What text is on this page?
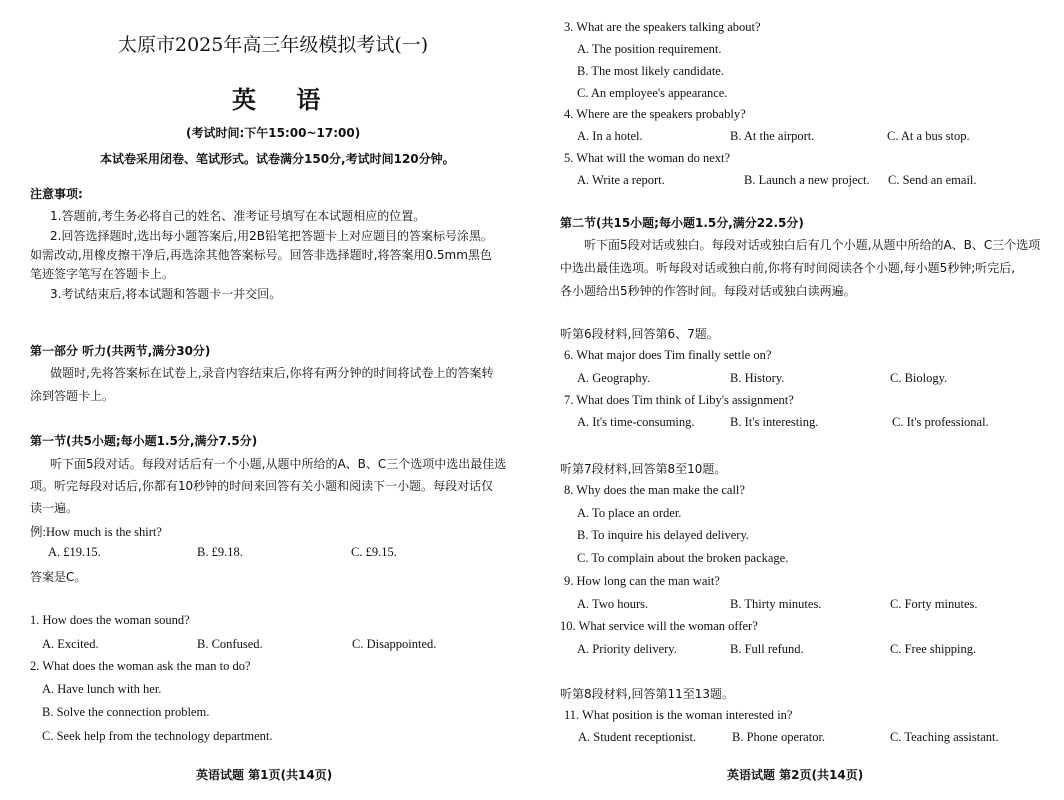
太原市2025年高三年级模拟考试(一)
英 语
(考试时间:下午15:00~17:00)
本试卷采用闭卷、笔试形式。试卷满分150分,考试时间120分钟。
注意事项:
1.答题前,考生务必将自己的姓名、准考证号填写在本试题相应的位置。
2.回答选择题时,选出每小题答案后,用2B铅笔把答题卡上对应题目的答案标号涂黑。
如需改动,用橡皮擦干净后,再选涂其他答案标号。回答非选择题时,将答案用0.5mm黑色
笔迹签字笔写在答题卡上。
3.考试结束后,将本试题和答题卡一并交回。
第一部分 听力(共两节,满分30分)
做题时,先将答案标在试卷上,录音内容结束后,你将有两分钟的时间将试卷上的答案转
涂到答题卡上。
第一节(共5小题;每小题1.5分,满分7.5分)
听下面5段对话。每段对话后有一个小题,从题中所给的A、B、C三个选项中选出最佳选
项。听完每段对话后,你都有10秒钟的时间来回答有关小题和阅读下一小题。每段对话仅
读一遍。
例:How much is the shirt?
A. £19.15.	B. £9.18.	C. £9.15.
答案是C。
1. How does the woman sound?
A. Excited.	B. Confused.	C. Disappointed.
2. What does the woman ask the man to do?
A. Have lunch with her.
B. Solve the connection problem.
C. Seek help from the technology department.
英语试题 第1页(共14页)
3. What are the speakers talking about?
A. The position requirement.
B. The most likely candidate.
C. An employee's appearance.
4. Where are the speakers probably?
A. In a hotel.	B. At the airport.	C. At a bus stop.
5. What will the woman do next?
A. Write a report.	B. Launch a new project. C. Send an email.
第二节(共15小题;每小题1.5分,满分22.5分)
听下面5段对话或独白。每段对话或独白后有几个小题,从题中所给的A、B、C三个选项
中选出最佳选项。听每段对话或独白前,你将有时间阅读各个小题,每小题5秒钟;听完后,
各小题给出5秒钟的作答时间。每段对话或独白读两遍。
听第6段材料,回答第6、7题。
6. What major does Tim finally settle on?
A. Geography.	B. History.	C. Biology.
7. What does Tim think of Liby's assignment?
A. It's time-consuming.	B. It's interesting.	C. It's professional.
听第7段材料,回答第8至10题。
8. Why does the man make the call?
A. To place an order.
B. To inquire his delayed delivery.
C. To complain about the broken package.
9. How long can the man wait?
A. Two hours.	B. Thirty minutes.	C. Forty minutes.
10. What service will the woman offer?
A. Priority delivery.	B. Full refund.	C. Free shipping.
听第8段材料,回答第11至13题。
11. What position is the woman interested in?
A. Student receptionist.	B. Phone operator.	C. Teaching assistant.
英语试题 第2页(共14页)
